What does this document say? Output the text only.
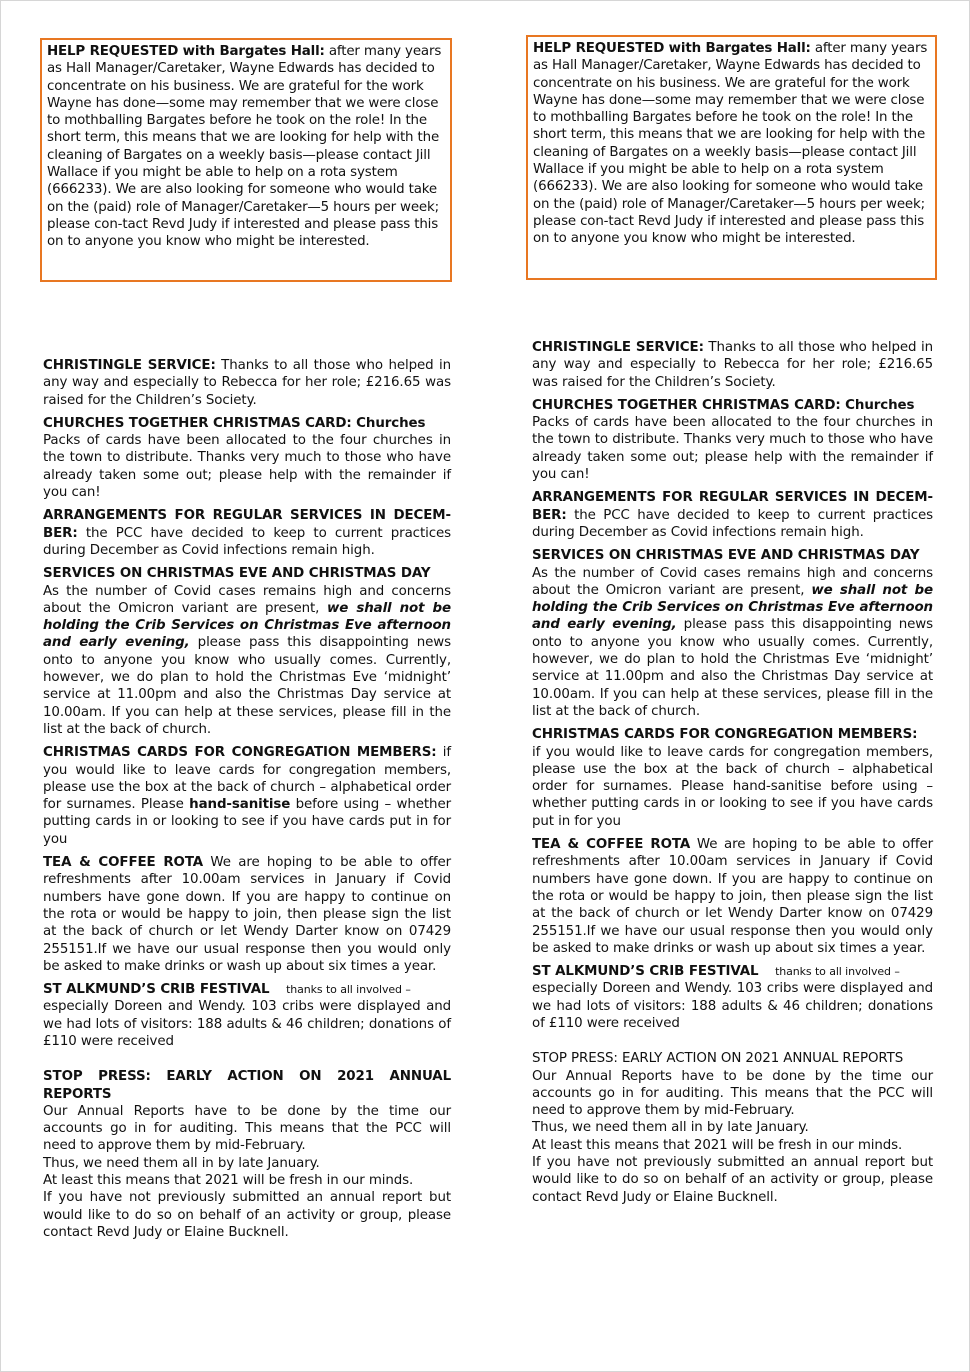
HELP REQUESTED with Bargates Hall: after many years as Hall Manager/Caretaker, Wayne Edwards has decided to concentrate on his business. We are grateful for the work Wayne has done—some may remember that we were close to mothballing Bargates before he took on the role! In the short term, this means that we are looking for help with the cleaning of Bargates on a weekly basis—please contact Jill Wallace if you might be able to help on a rota system (666233). We are also looking for someone who would take on the (paid) role of Manager/Caretaker—5 hours per week; please con-tact Revd Judy if interested and please pass this on to anyone you know who might be interested.
HELP REQUESTED with Bargates Hall: after many years as Hall Manager/Caretaker, Wayne Edwards has decided to concentrate on his business. We are grateful for the work Wayne has done—some may remember that we were close to mothballing Bargates before he took on the role! In the short term, this means that we are looking for help with the cleaning of Bargates on a weekly basis—please contact Jill Wallace if you might be able to help on a rota system (666233). We are also looking for someone who would take on the (paid) role of Manager/Caretaker—5 hours per week; please con-tact Revd Judy if interested and please pass this on to anyone you know who might be interested.
CHRISTINGLE SERVICE: Thanks to all those who helped in any way and especially to Rebecca for her role; £216.65 was raised for the Children’s Society.

CHURCHES TOGETHER CHRISTMAS CARD: Churches

Packs of cards have been allocated to the four churches in the town to distribute. Thanks very much to those who have already taken some out; please help with the remainder if you can!

ARRANGEMENTS FOR REGULAR SERVICES IN DECEM-BER: the PCC have decided to keep to current practices during December as Covid infections remain high.

SERVICES ON CHRISTMAS EVE AND CHRISTMAS DAY

As the number of Covid cases remains high and concerns about the Omicron variant are present, we shall not be holding the Crib Services on Christmas Eve afternoon and early evening, please pass this disappointing news onto to anyone you know who usually comes. Currently, however, we do plan to hold the Christmas Eve ‘midnight’ service at 11.00pm and also the Christmas Day service at 10.00am. If you can help at these services, please fill in the list at the back of church.

CHRISTMAS CARDS FOR CONGREGATION MEMBERS: if you would like to leave cards for congregation members, please use the box at the back of church – alphabetical order for surnames. Please hand-sanitise before using – whether putting cards in or looking to see if you have cards put in for you
TEA & COFFEE ROTA We are hoping to be able to offer refreshments after 10.00am services in January if Covid numbers have gone down. If you are happy to continue on the rota or would be happy to join, then please sign the list at the back of church or let Wendy Darter know on 07429 255151.If we have our usual response then you would only be asked to make drinks or wash up about six times a year.

ST ALKMUND’S CRIB FESTIVAL thanks to all involved –

especially Doreen and Wendy. 103 cribs were displayed and we had lots of visitors: 188 adults & 46 children; donations of £110 were received

STOP PRESS: EARLY ACTION ON 2021 ANNUAL REPORTS

Our Annual Reports have to be done by the time our accounts go in for auditing. This means that the PCC will need to approve them by mid-February.

Thus, we need them all in by late January.

At least this means that 2021 will be fresh in our minds.

If you have not previously submitted an annual report but would like to do so on behalf of an activity or group, please contact Revd Judy or Elaine Bucknell.

CHRISTINGLE SERVICE: Thanks to all those who helped in any way and especially to Rebecca for her role; £216.65 was raised for the Children’s Society.

CHURCHES TOGETHER CHRISTMAS CARD: Churches

Packs of cards have been allocated to the four churches in the town to distribute. Thanks very much to those who have already taken some out; please help with the remainder if you can!

ARRANGEMENTS FOR REGULAR SERVICES IN DECEM-BER: the PCC have decided to keep to current practices during December as Covid infections remain high.

SERVICES ON CHRISTMAS EVE AND CHRISTMAS DAY

As the number of Covid cases remains high and concerns about the Omicron variant are present, we shall not be holding the Crib Services on Christmas Eve afternoon and early evening, please pass this disappointing news onto to anyone you know who usually comes. Currently, however, we do plan to hold the Christmas Eve ‘midnight’ service at 11.00pm and also the Christmas Day service at 10.00am. If you can help at these services, please fill in the list at the back of church.

CHRISTMAS CARDS FOR CONGREGATION MEMBERS:

if you would like to leave cards for congregation members, please use the box at the back of church – alphabetical order for surnames. Please hand-sanitise before using – whether putting cards in or looking to see if you have cards put in for you

TEA & COFFEE ROTA We are hoping to be able to offer refreshments after 10.00am services in January if Covid numbers have gone down. If you are happy to continue on the rota or would be happy to join, then please sign the list at the back of church or let Wendy Darter know on 07429 255151.If we have our usual response then you would only be asked to make drinks or wash up about six times a year.

ST ALKMUND’S CRIB FESTIVAL thanks to all involved –

especially Doreen and Wendy. 103 cribs were displayed and we had lots of visitors: 188 adults & 46 children; donations of £110 were received

STOP PRESS: EARLY ACTION ON 2021 ANNUAL REPORTS

Our Annual Reports have to be done by the time our accounts go in for auditing. This means that the PCC will need to approve them by mid-February.

Thus, we need them all in by late January.

At least this means that 2021 will be fresh in our minds.

If you have not previously submitted an annual report but would like to do so on behalf of an activity or group, please contact Revd Judy or Elaine Bucknell.
